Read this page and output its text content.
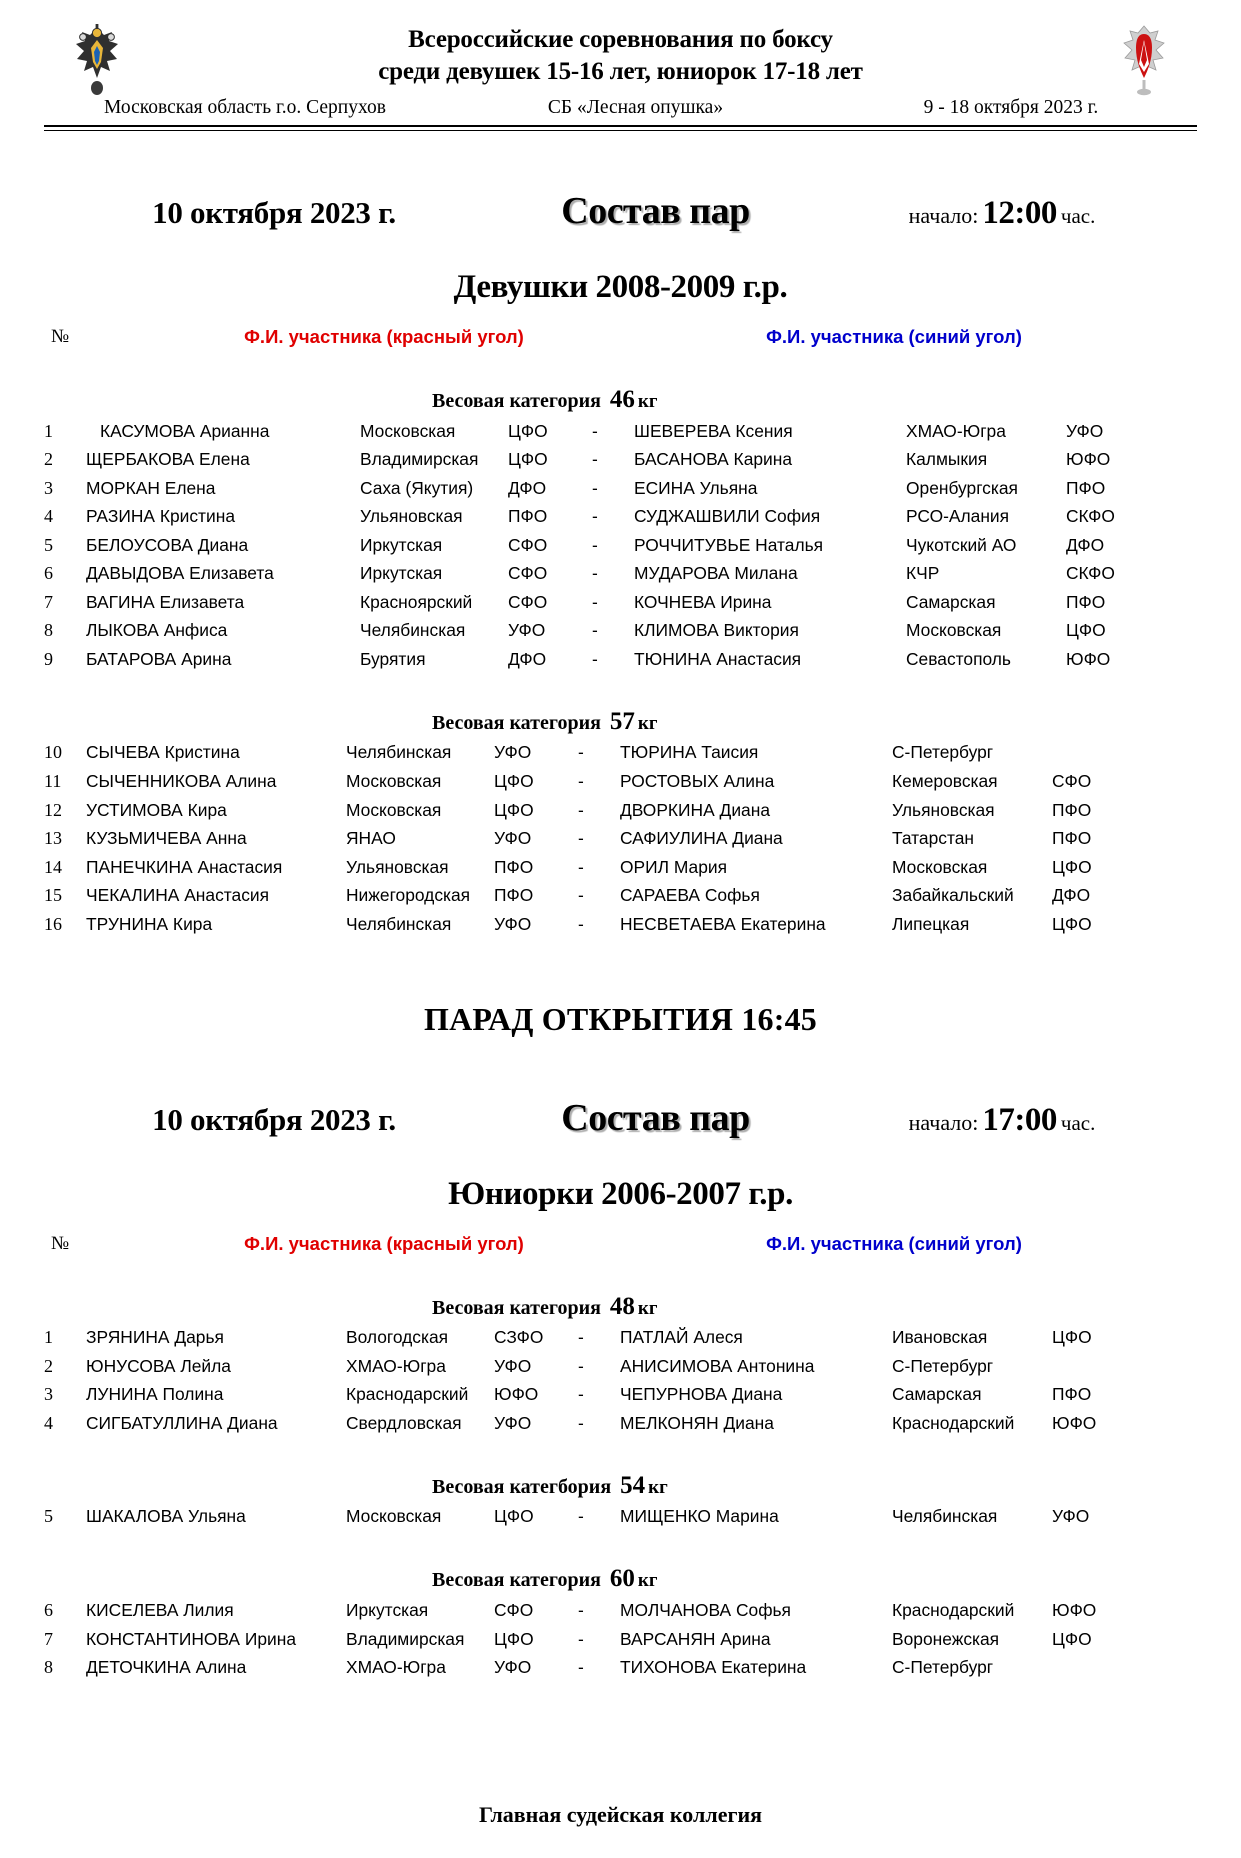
Всероссийские соревнования по боксу
среди девушек 15-16 лет, юниорок 17-18 лет
Московская область г.о. Серпухов	СБ «Лесная опушка»	9 - 18 октября 2023 г.
10 октября 2023 г.	Состав пар	начало: 12:00 час.
Девушки 2008-2009 г.р.
№	Ф.И. участника (красный угол)	Ф.И. участника (синий угол)
Весовая категория 46 кг
1	КАСУМОВА Арианна	Московская	ЦФО	-	ШЕВЕРЕВА Ксения	ХМАО-Югра	УФО
2	ЩЕРБАКОВА Елена	Владимирская	ЦФО	-	БАСАНОВА Карина	Калмыкия	ЮФО
3	МОРКАН Елена	Саха (Якутия)	ДФО	-	ЕСИНА Ульяна	Оренбургская	ПФО
4	РАЗИНА Кристина	Ульяновская	ПФО	-	СУДЖАШВИЛИ София	РСО-Алания	СКФО
5	БЕЛОУСОВА Диана	Иркутская	СФО	-	РОЧЧИТУВЬЕ Наталья	Чукотский АО	ДФО
6	ДАВЫДОВА Елизавета	Иркутская	СФО	-	МУДАРОВА Милана	КЧР	СКФО
7	ВАГИНА Елизавета	Красноярский	СФО	-	КОЧНЕВА Ирина	Самарская	ПФО
8	ЛЫКОВА Анфиса	Челябинская	УФО	-	КЛИМОВА Виктория	Московская	ЦФО
9	БАТАРОВА Арина	Бурятия	ДФО	-	ТЮНИНА Анастасия	Севастополь	ЮФО
Весовая категория 57 кг
10	СЫЧЕВА Кристина	Челябинская	УФО	-	ТЮРИНА Таисия	С-Петербург	
11	СЫЧЕННИКОВА Алина	Московская	ЦФО	-	РОСТОВЫХ Алина	Кемеровская	СФО
12	УСТИМОВА Кира	Московская	ЦФО	-	ДВОРКИНА Диана	Ульяновская	ПФО
13	КУЗЬМИЧЕВА Анна	ЯНАО	УФО	-	САФИУЛИНА Диана	Татарстан	ПФО
14	ПАНЕЧКИНА Анастасия	Ульяновская	ПФО	-	ОРИЛ Мария	Московская	ЦФО
15	ЧЕКАЛИНА Анастасия	Нижегородская	ПФО	-	САРАЕВА Софья	Забайкальский	ДФО
16	ТРУНИНА Кира	Челябинская	УФО	-	НЕСВЕТАЕВА Екатерина	Липецкая	ЦФО
ПАРАД ОТКРЫТИЯ 16:45
10 октября 2023 г.	Состав пар	начало: 17:00 час.
Юниорки 2006-2007 г.р.
№	Ф.И. участника (красный угол)	Ф.И. участника (синий угол)
Весовая категория 48 кг
1	ЗРЯНИНА Дарья	Вологодская	СЗФО	-	ПАТЛАЙ Алеся	Ивановская	ЦФО
2	ЮНУСОВА Лейла	ХМАО-Югра	УФО	-	АНИСИМОВА Антонина	С-Петербург	
3	ЛУНИНА Полина	Краснодарский	ЮФО	-	ЧЕПУРНОВА Диана	Самарская	ПФО
4	СИГБАТУЛЛИНА Диана	Свердловская	УФО	-	МЕЛКОНЯН Диана	Краснодарский	ЮФО
Весовая категбория 54 кг
5	ШАКАЛОВА Ульяна	Московская	ЦФО	-	МИЩЕНКО Марина	Челябинская	УФО
Весовая категория 60 кг
6	КИСЕЛЕВА Лилия	Иркутская	СФО	-	МОЛЧАНОВА Софья	Краснодарский	ЮФО
7	КОНСТАНТИНОВА Ирина	Владимирская	ЦФО	-	ВАРСАНЯН Арина	Воронежская	ЦФО
8	ДЕТОЧКИНА Алина	ХМАО-Югра	УФО	-	ТИХОНОВА Екатерина	С-Петербург	
Главная судейская коллегия
